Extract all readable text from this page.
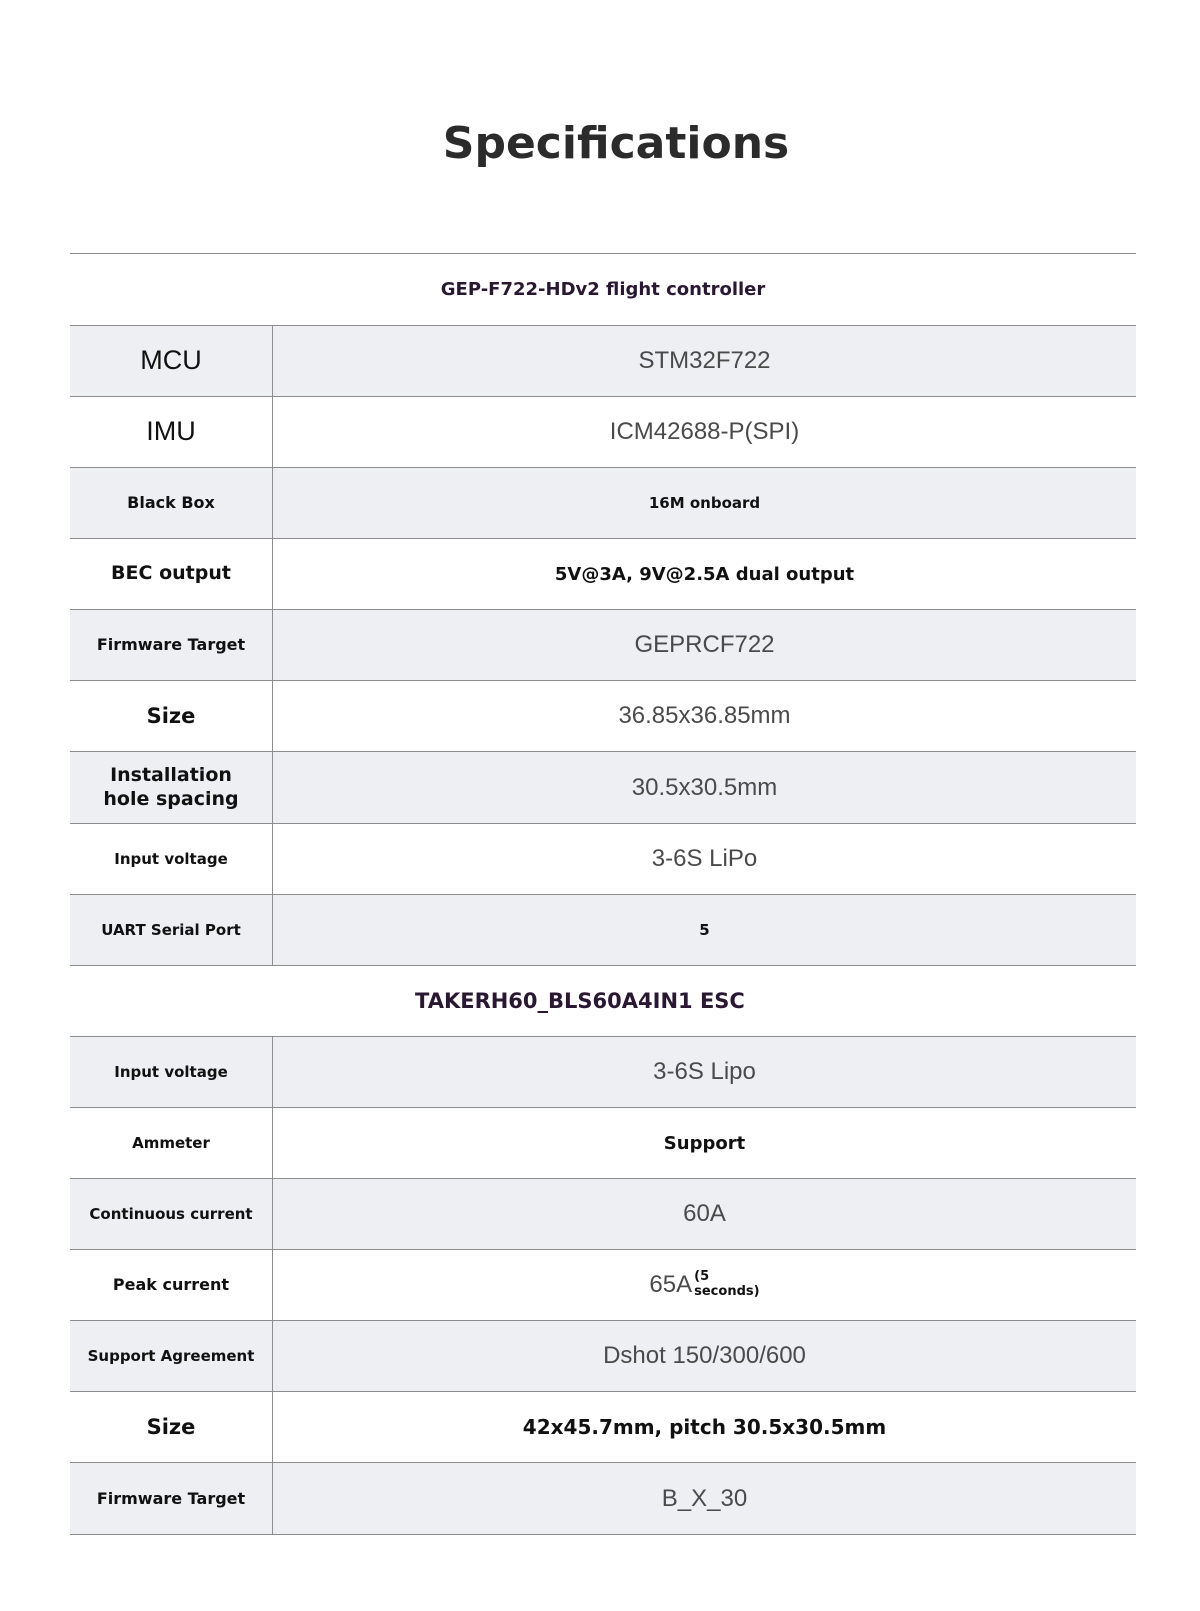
Specifications
GEP-F722-HDv2 flight controller
MCU	STM32F722
IMU	ICM42688-P(SPI)
Black Box	16M onboard
BEC output	5V@3A, 9V@2.5A dual output
Firmware Target	GEPRCF722
Size	36.85x36.85mm
Installation
hole spacing	30.5x30.5mm
Input voltage	3-6S LiPo
UART Serial Port	5
TAKERH60_BLS60A4IN1 ESC
Input voltage	3-6S Lipo
Ammeter	Support
Continuous current	60A
Peak current	65A (5
seconds)
Support Agreement	Dshot 150/300/600
Size	42x45.7mm, pitch 30.5x30.5mm
Firmware Target	B_X_30
